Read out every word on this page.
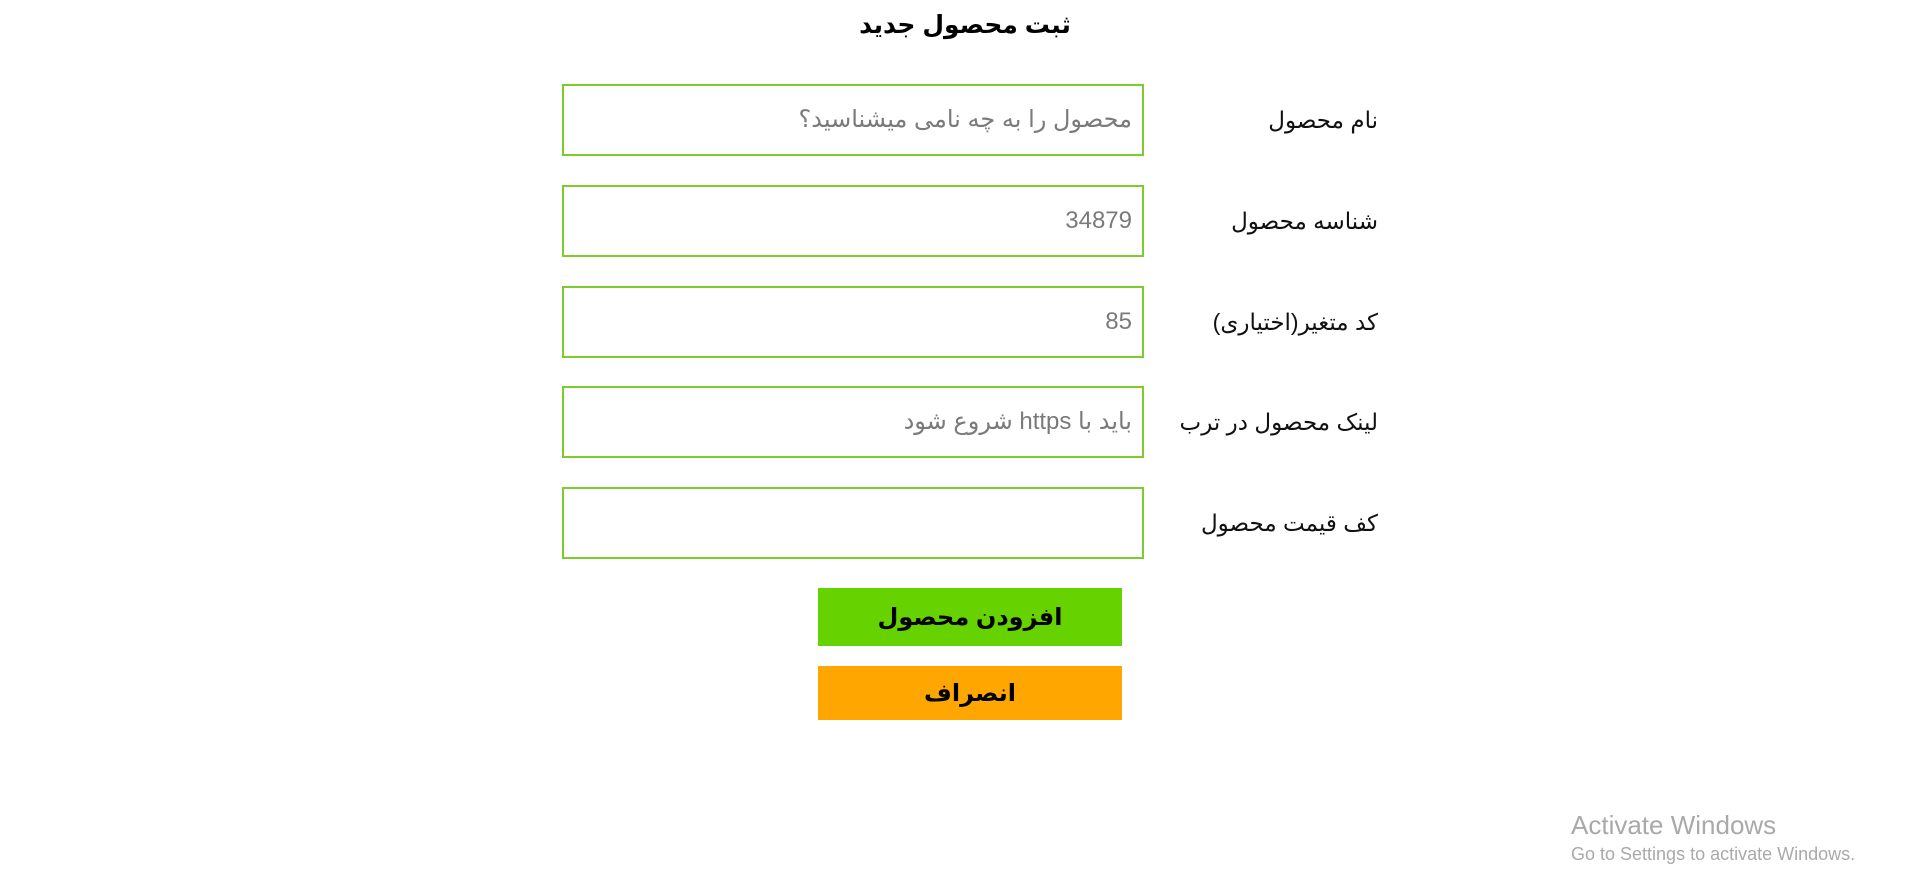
ثبت محصول جدید
نام محصول
محصول را به چه نامی میشناسید؟
شناسه محصول
34879
کد متغیر(اختیاری)
85
لینک محصول در ترب
باید با https شروع شود
کف قیمت محصول
افزودن محصول
انصراف
Activate Windows
Go to Settings to activate Windows.
